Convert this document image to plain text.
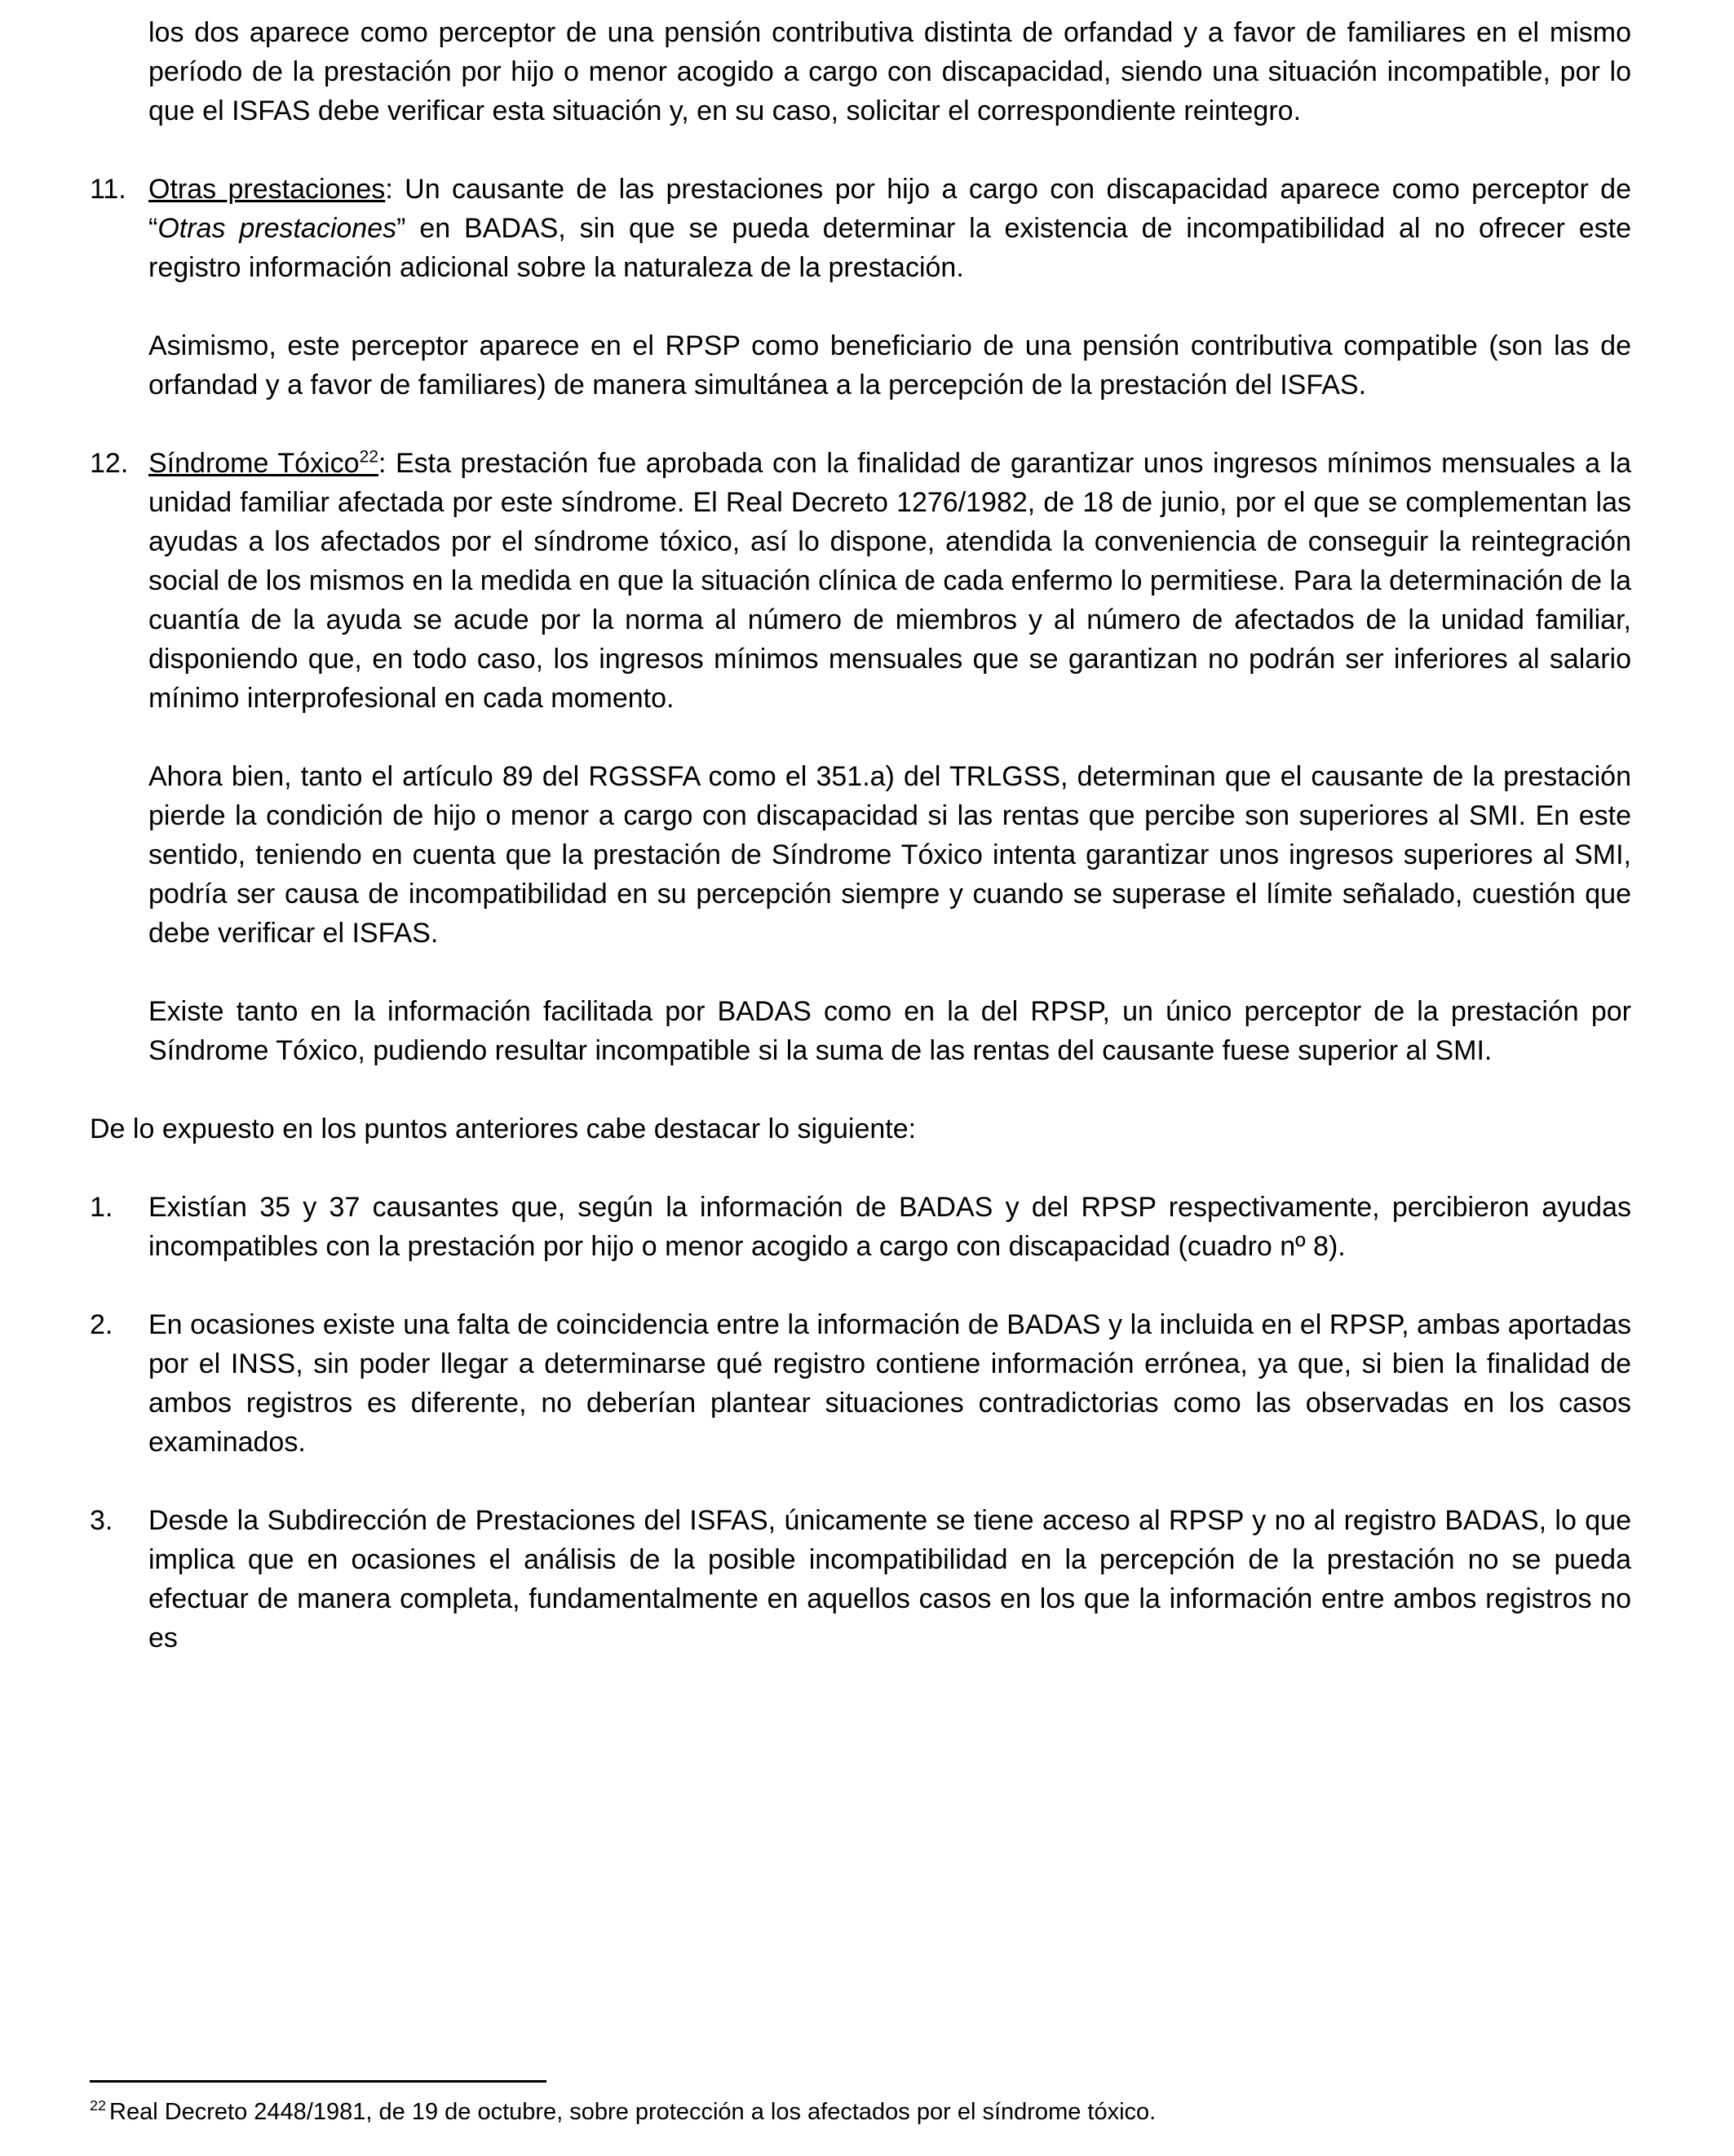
los dos aparece como perceptor de una pensión contributiva distinta de orfandad y a favor de familiares en el mismo período de la prestación por hijo o menor acogido a cargo con discapacidad, siendo una situación incompatible, por lo que el ISFAS debe verificar esta situación y, en su caso, solicitar el correspondiente reintegro.
11. Otras prestaciones: Un causante de las prestaciones por hijo a cargo con discapacidad aparece como perceptor de “Otras prestaciones” en BADAS, sin que se pueda determinar la existencia de incompatibilidad al no ofrecer este registro información adicional sobre la naturaleza de la prestación.
Asimismo, este perceptor aparece en el RPSP como beneficiario de una pensión contributiva compatible (son las de orfandad y a favor de familiares) de manera simultánea a la percepción de la prestación del ISFAS.
12. Síndrome Tóxico$^{22}$: Esta prestación fue aprobada con la finalidad de garantizar unos ingresos mínimos mensuales a la unidad familiar afectada por este síndrome. El Real Decreto 1276/1982, de 18 de junio, por el que se complementan las ayudas a los afectados por el síndrome tóxico, así lo dispone, atendida la conveniencia de conseguir la reintegración social de los mismos en la medida en que la situación clínica de cada enfermo lo permitiese. Para la determinación de la cuantía de la ayuda se acude por la norma al número de miembros y al número de afectados de la unidad familiar, disponiendo que, en todo caso, los ingresos mínimos mensuales que se garantizan no podrán ser inferiores al salario mínimo interprofesional en cada momento.
Ahora bien, tanto el artículo 89 del RGSSFA como el 351.a) del TRLGSS, determinan que el causante de la prestación pierde la condición de hijo o menor a cargo con discapacidad si las rentas que percibe son superiores al SMI. En este sentido, teniendo en cuenta que la prestación de Síndrome Tóxico intenta garantizar unos ingresos superiores al SMI, podría ser causa de incompatibilidad en su percepción siempre y cuando se superase el límite señalado, cuestión que debe verificar el ISFAS.
Existe tanto en la información facilitada por BADAS como en la del RPSP, un único perceptor de la prestación por Síndrome Tóxico, pudiendo resultar incompatible si la suma de las rentas del causante fuese superior al SMI.
De lo expuesto en los puntos anteriores cabe destacar lo siguiente:
1.	Existían 35 y 37 causantes que, según la información de BADAS y del RPSP respectivamente, percibieron ayudas incompatibles con la prestación por hijo o menor acogido a cargo con discapacidad (cuadro nº 8).
2.	En ocasiones existe una falta de coincidencia entre la información de BADAS y la incluida en el RPSP, ambas aportadas por el INSS, sin poder llegar a determinarse qué registro contiene información errónea, ya que, si bien la finalidad de ambos registros es diferente, no deberían plantear situaciones contradictorias como las observadas en los casos examinados.
3.	Desde la Subdirección de Prestaciones del ISFAS, únicamente se tiene acceso al RPSP y no al registro BADAS, lo que implica que en ocasiones el análisis de la posible incompatibilidad en la percepción de la prestación no se pueda efectuar de manera completa, fundamentalmente en aquellos casos en los que la información entre ambos registros no es

$^{22}$ Real Decreto 2448/1981, de 19 de octubre, sobre protección a los afectados por el síndrome tóxico.
